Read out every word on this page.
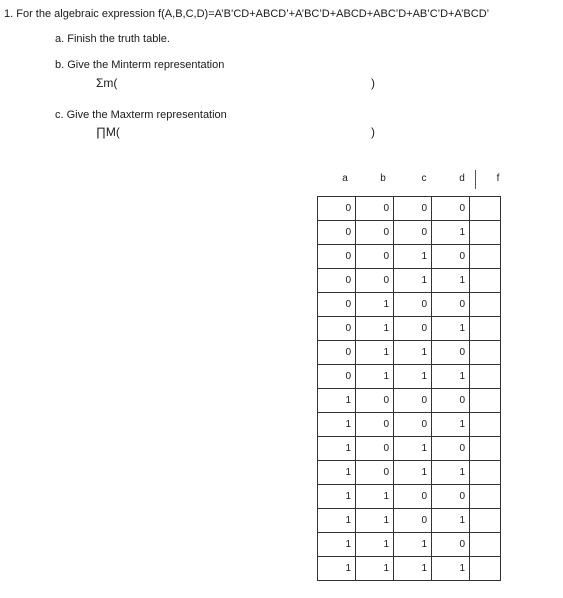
1. For the algebraic expression f(A,B,C,D)=A’B’CD+ABCD’+A’BC’D+ABCD+ABC’D+AB’C’D+A’BCD’
a. Finish the truth table.
b. Give the Minterm representation
Σm(	)
c. Give the Maxterm representation
∏M(	)
a	b	c	d	f
0	0	0	0	
0	0	0	1	
0	0	1	0	
0	0	1	1	
0	1	0	0	
0	1	0	1	
0	1	1	0	
0	1	1	1	
1	0	0	0	
1	0	0	1	
1	0	1	0	
1	0	1	1	
1	1	0	0	
1	1	0	1	
1	1	1	0	
1	1	1	1	
